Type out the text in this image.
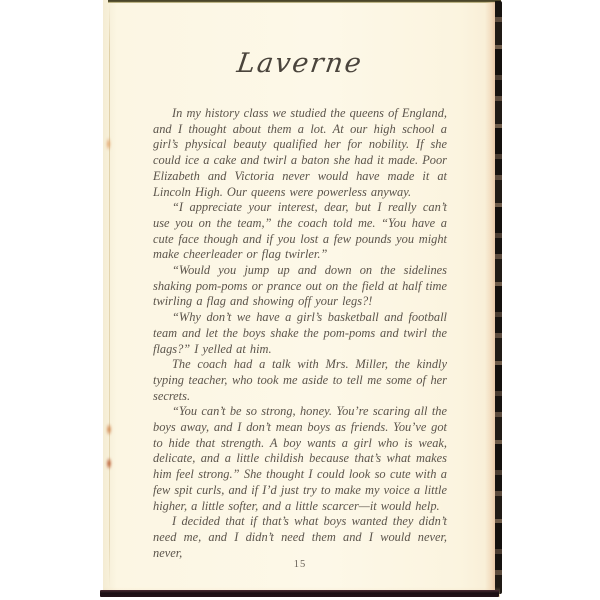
Laverne

In my history class we studied the queens of England, and I thought about them a lot. At our high school a girl’s physical beauty qualified her for nobility. If she could ice a cake and twirl a baton she had it made. Poor Elizabeth and Victoria never would have made it at Lincoln High. Our queens were powerless anyway.

“I appreciate your interest, dear, but I really can’t use you on the team,” the coach told me. “You have a cute face though and if you lost a few pounds you might make cheerleader or flag twirler.”

“Would you jump up and down on the sidelines shaking pom-poms or prance out on the field at half time twirling a flag and showing off your legs?!

“Why don’t we have a girl’s basketball and football team and let the boys shake the pom-poms and twirl the flags?” I yelled at him.

The coach had a talk with Mrs. Miller, the kindly typing teacher, who took me aside to tell me some of her secrets.

“You can’t be so strong, honey. You’re scaring all the boys away, and I don’t mean boys as friends. You’ve got to hide that strength. A boy wants a girl who is weak, delicate, and a little childish because that’s what makes him feel strong.” She thought I could look so cute with a few spit curls, and if I’d just try to make my voice a little higher, a little softer, and a little scarcer—it would help.

I decided that if that’s what boys wanted they didn’t need me, and I didn’t need them and I would never, never,

15
